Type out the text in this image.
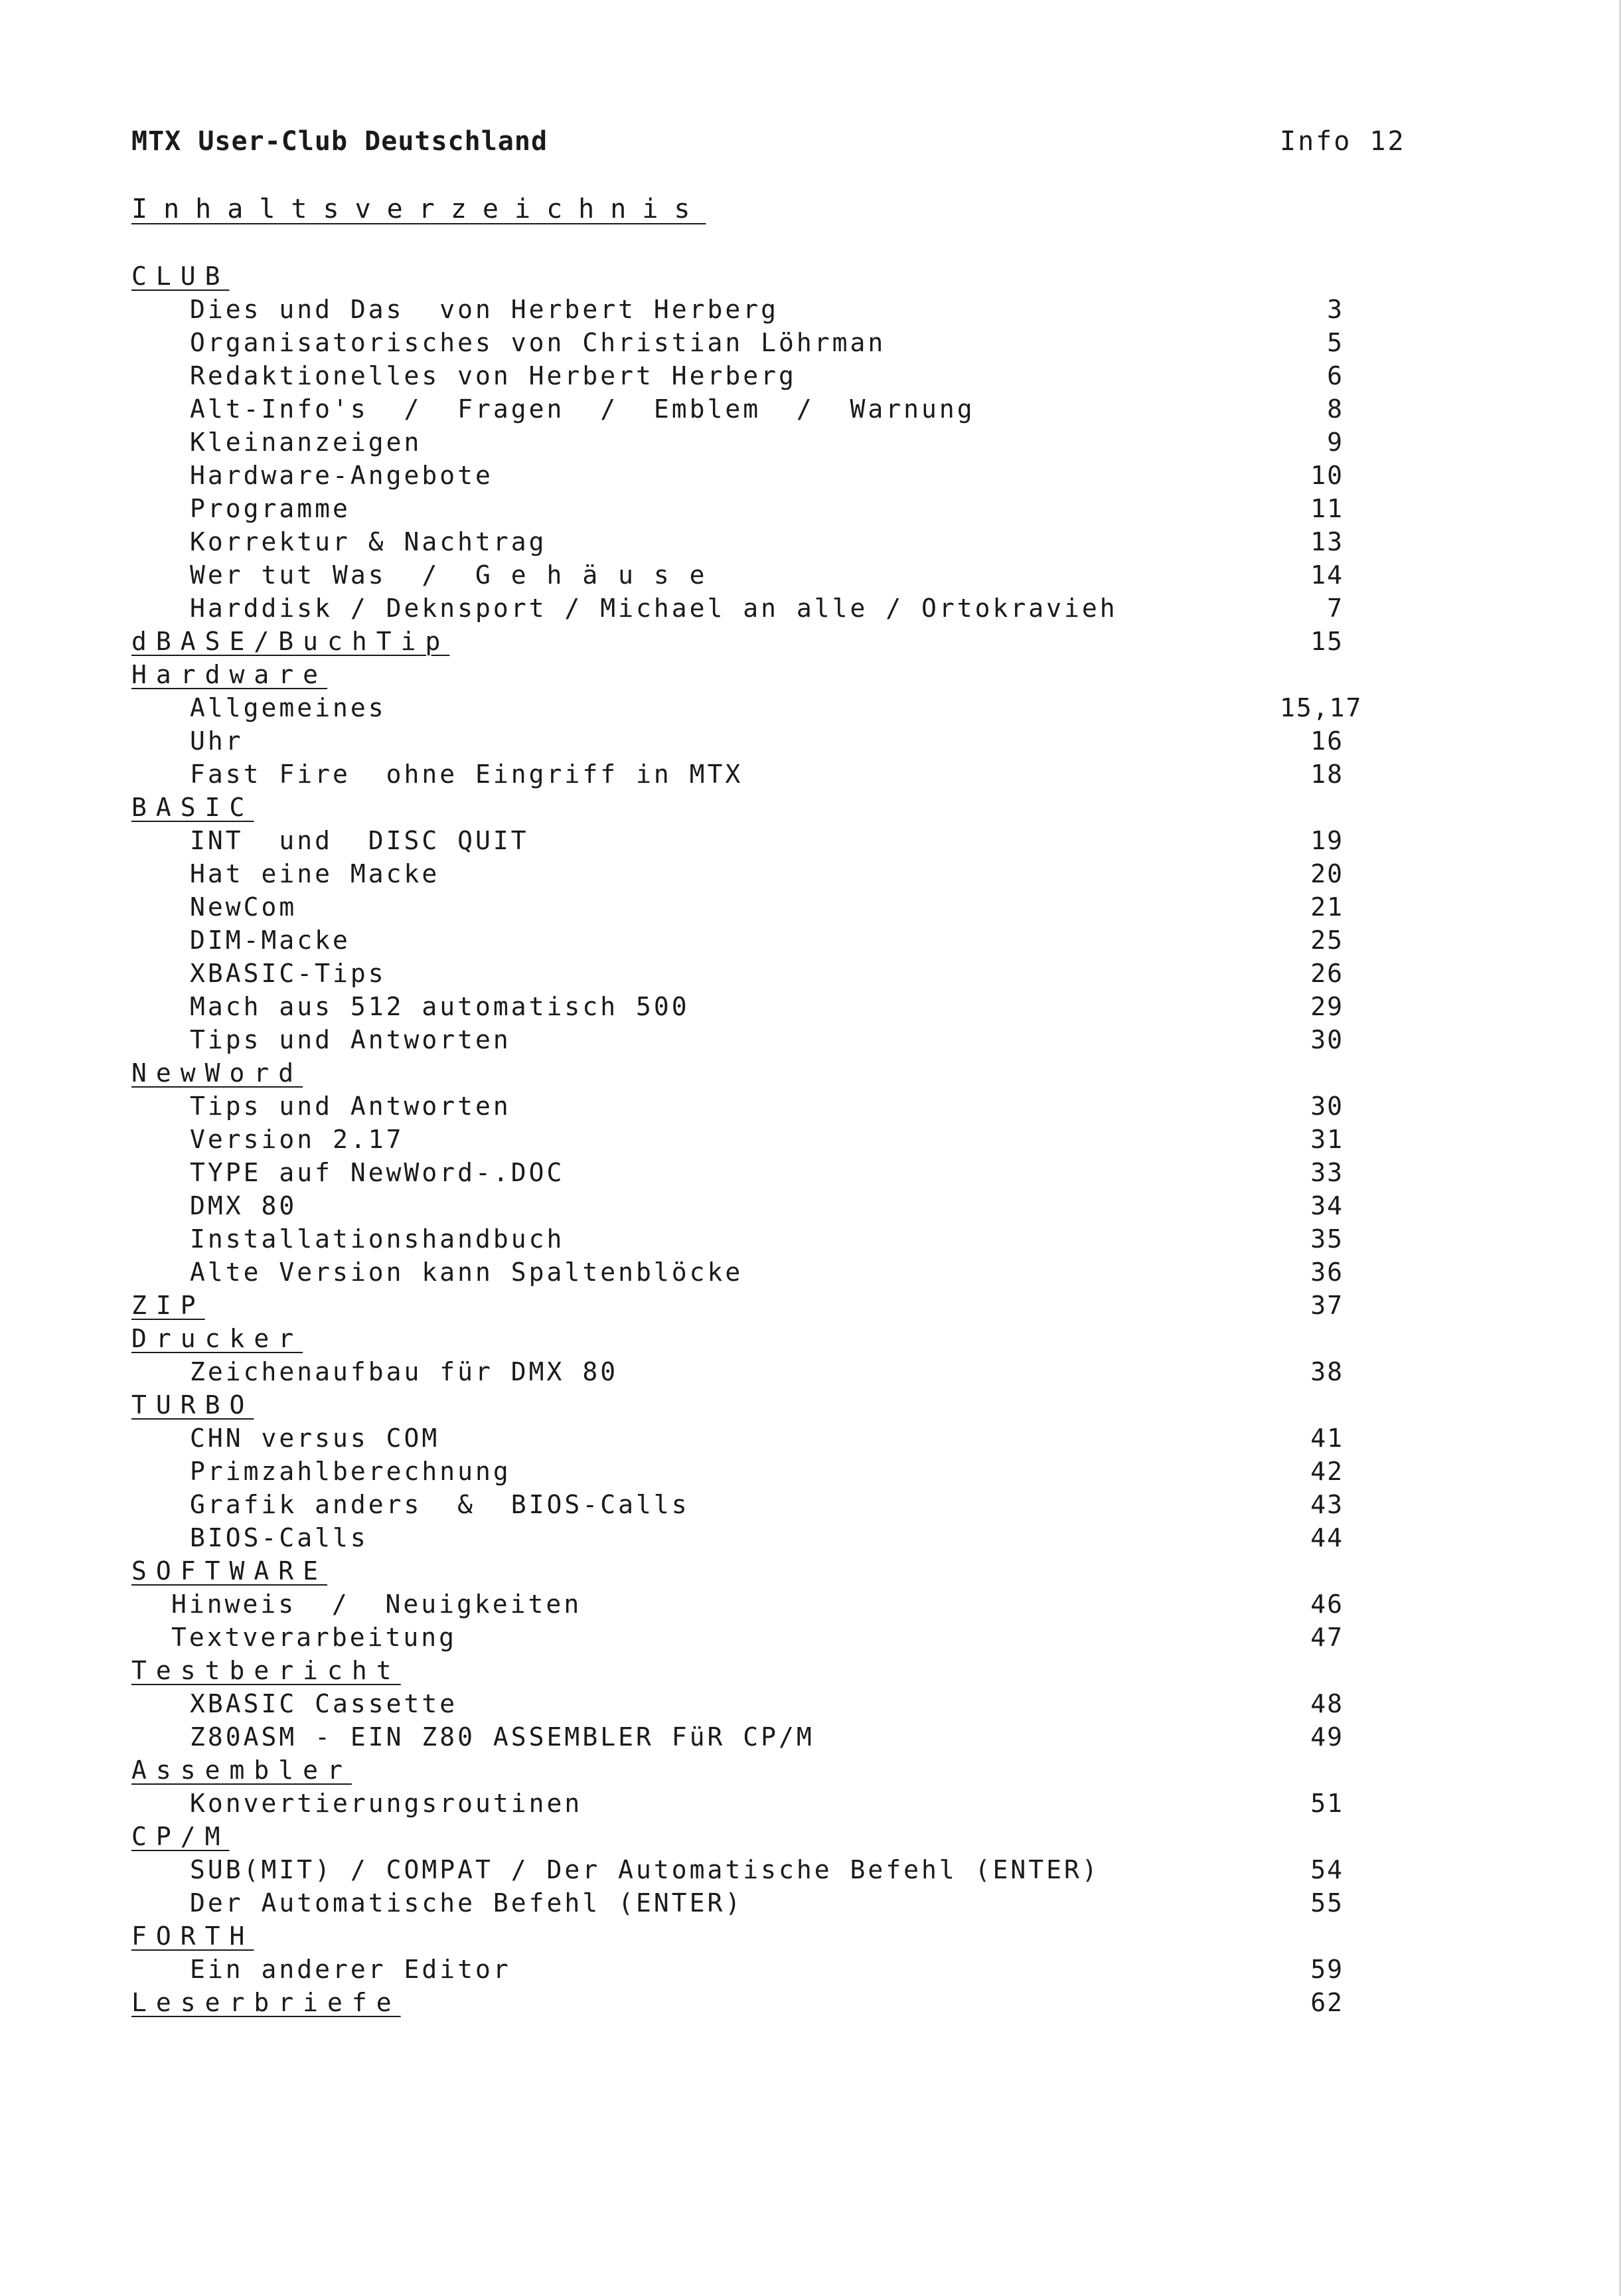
MTX User-Club Deutschland	Info 12
Inhaltsverzeichnis
CLUB
Dies und Das  von Herbert Herberg	3
Organisatorisches von Christian Löhrman	5
Redaktionelles von Herbert Herberg	6
Alt-Info's  /  Fragen  /  Emblem  /  Warnung	8
Kleinanzeigen	9
Hardware-Angebote	10
Programme	11
Korrektur & Nachtrag	13
Wer tut Was  /  G e h ä u s e	14
Harddisk / Deknsport / Michael an alle / Ortokravieh	7
dBASE/BuchTip	15
Hardware
Allgemeines	15,17
Uhr	16
Fast Fire  ohne Eingriff in MTX	18
BASIC
INT  und  DISC QUIT	19
Hat eine Macke	20
NewCom	21
DIM-Macke	25
XBASIC-Tips	26
Mach aus 512 automatisch 500	29
Tips und Antworten	30
NewWord
Tips und Antworten	30
Version 2.17	31
TYPE auf NewWord-.DOC	33
DMX 80	34
Installationshandbuch	35
Alte Version kann Spaltenblöcke	36
ZIP	37
Drucker
Zeichenaufbau für DMX 80	38
TURBO
CHN versus COM	41
Primzahlberechnung	42
Grafik anders  &  BIOS-Calls	43
BIOS-Calls	44
SOFTWARE
Hinweis  /  Neuigkeiten	46
Textverarbeitung	47
Testbericht
XBASIC Cassette	48
Z80ASM - EIN Z80 ASSEMBLER FüR CP/M	49
Assembler
Konvertierungsroutinen	51
CP/M
SUB(MIT) / COMPAT / Der Automatische Befehl (ENTER)	54
Der Automatische Befehl (ENTER)	55
FORTH
Ein anderer Editor	59
Leserbriefe	62
